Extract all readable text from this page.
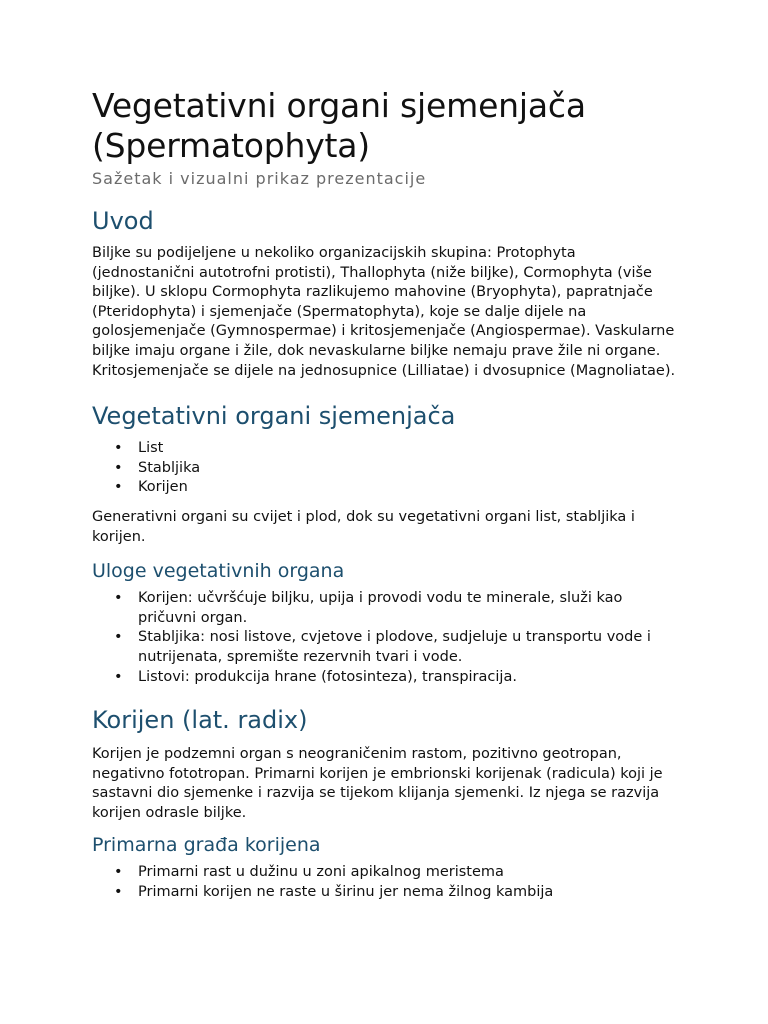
Vegetativni organi sjemenjača (Spermatophyta)
Sažetak i vizualni prikaz prezentacije
Uvod

Biljke su podijeljene u nekoliko organizacijskih skupina: Protophyta (jednostanični autotrofni protisti), Thallophyta (niže biljke), Cormophyta (više biljke). U sklopu Cormophyta razlikujemo mahovine (Bryophyta), papratnjače (Pteridophyta) i sjemenjače (Spermatophyta), koje se dalje dijele na golosjemenjače (Gymnospermae) i kritosjemenjače (Angiospermae). Vaskularne biljke imaju organe i žile, dok nevaskularne biljke nemaju prave žile ni organe. Kritosjemenjače se dijele na jednosupnice (Lilliatae) i dvosupnice (Magnoliatae).

Vegetativni organi sjemenjača
• List
• Stabljika
• Korijen

Generativni organi su cvijet i plod, dok su vegetativni organi list, stabljika i korijen.

Uloge vegetativnih organa
• Korijen: učvršćuje biljku, upija i provodi vodu te minerale, služi kao pričuvni organ.
• Stabljika: nosi listove, cvjetove i plodove, sudjeluje u transportu vode i nutrijenata, spremište rezervnih tvari i vode.
• Listovi: produkcija hrane (fotosinteza), transpiracija.
Korijen (lat. radix)

Korijen je podzemni organ s neograničenim rastom, pozitivno geotropan, negativno fototropan. Primarni korijen je embrionski korijenak (radicula) koji je sastavni dio sjemenke i razvija se tijekom klijanja sjemenki. Iz njega se razvija korijen odrasle biljke.

Primarna građa korijena
• Primarni rast u dužinu u zoni apikalnog meristema
• Primarni korijen ne raste u širinu jer nema žilnog kambija
